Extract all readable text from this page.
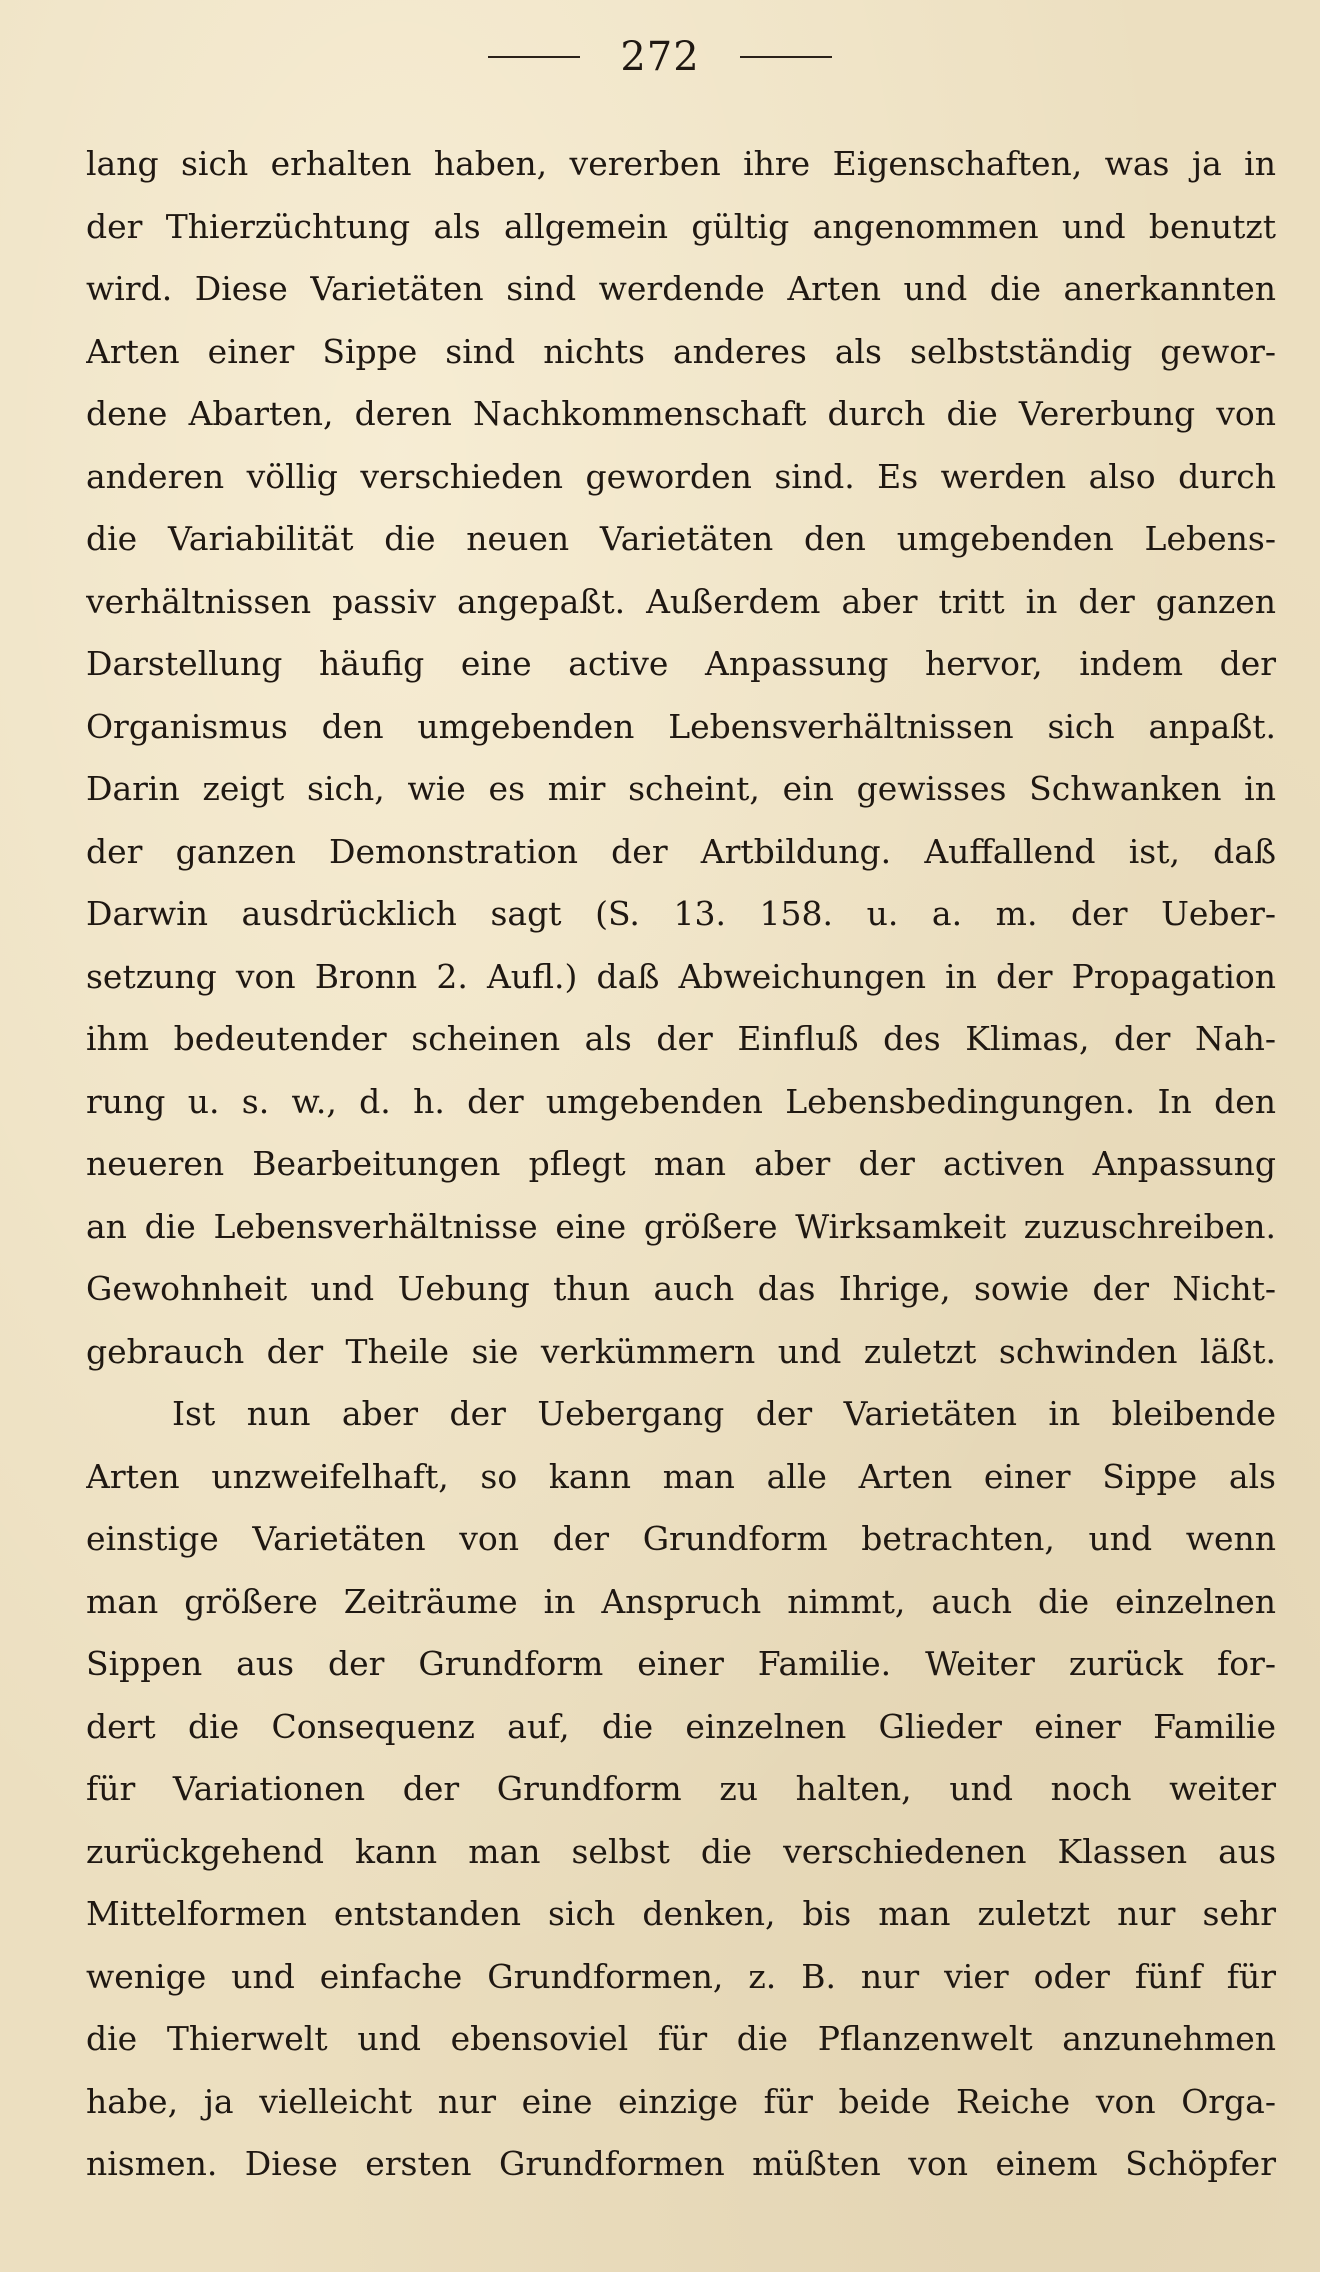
272
lang sich erhalten haben, vererben ihre Eigenschaften, was ja in
der Thierzüchtung als allgemein gültig angenommen und benutzt
wird. Diese Varietäten sind werdende Arten und die anerkannten
Arten einer Sippe sind nichts anderes als selbstständig gewor-
dene Abarten, deren Nachkommenschaft durch die Vererbung von
anderen völlig verschieden geworden sind. Es werden also durch
die Variabilität die neuen Varietäten den umgebenden Lebens-
verhältnissen passiv angepaßt. Außerdem aber tritt in der ganzen
Darstellung häufig eine active Anpassung hervor, indem der
Organismus den umgebenden Lebensverhältnissen sich anpaßt.
Darin zeigt sich, wie es mir scheint, ein gewisses Schwanken in
der ganzen Demonstration der Artbildung. Auffallend ist, daß
Darwin ausdrücklich sagt (S. 13. 158. u. a. m. der Ueber-
setzung von Bronn 2. Aufl.) daß Abweichungen in der Propagation
ihm bedeutender scheinen als der Einfluß des Klimas, der Nah-
rung u. s. w., d. h. der umgebenden Lebensbedingungen. In den
neueren Bearbeitungen pflegt man aber der activen Anpassung
an die Lebensverhältnisse eine größere Wirksamkeit zuzuschreiben.
Gewohnheit und Uebung thun auch das Ihrige, sowie der Nicht-
gebrauch der Theile sie verkümmern und zuletzt schwinden läßt.
Ist nun aber der Uebergang der Varietäten in bleibende
Arten unzweifelhaft, so kann man alle Arten einer Sippe als
einstige Varietäten von der Grundform betrachten, und wenn
man größere Zeiträume in Anspruch nimmt, auch die einzelnen
Sippen aus der Grundform einer Familie. Weiter zurück for-
dert die Consequenz auf, die einzelnen Glieder einer Familie
für Variationen der Grundform zu halten, und noch weiter
zurückgehend kann man selbst die verschiedenen Klassen aus
Mittelformen entstanden sich denken, bis man zuletzt nur sehr
wenige und einfache Grundformen, z. B. nur vier oder fünf für
die Thierwelt und ebensoviel für die Pflanzenwelt anzunehmen
habe, ja vielleicht nur eine einzige für beide Reiche von Orga-
nismen. Diese ersten Grundformen müßten von einem Schöpfer
